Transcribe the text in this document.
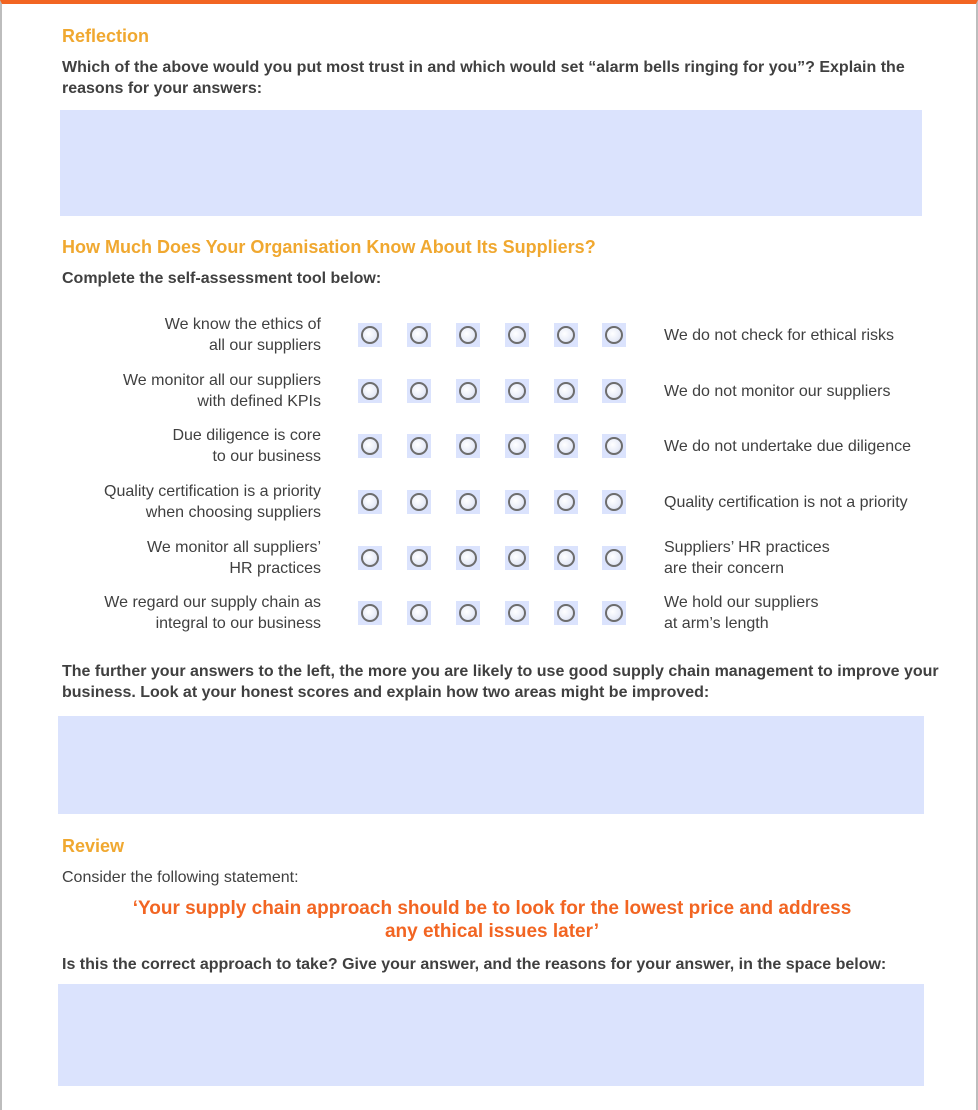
Reflection
Which of the above would you put most trust in and which would set “alarm bells ringing for you”? Explain the
reasons for your answers:
How Much Does Your Organisation Know About Its Suppliers?
Complete the self-assessment tool below:
We know the ethics of
all our suppliers
We do not check for ethical risks
We monitor all our suppliers
with defined KPIs
We do not monitor our suppliers
Due diligence is core
to our business
We do not undertake due diligence
Quality certification is a priority
when choosing suppliers
Quality certification is not a priority
We monitor all suppliers’
HR practices
Suppliers’ HR practices
are their concern
We regard our supply chain as
integral to our business
We hold our suppliers
at arm’s length
The further your answers to the left, the more you are likely to use good supply chain management to improve your
business. Look at your honest scores and explain how two areas might be improved:
Review
Consider the following statement:
‘Your supply chain approach should be to look for the lowest price and address
any ethical issues later’
Is this the correct approach to take? Give your answer, and the reasons for your answer, in the space below:
